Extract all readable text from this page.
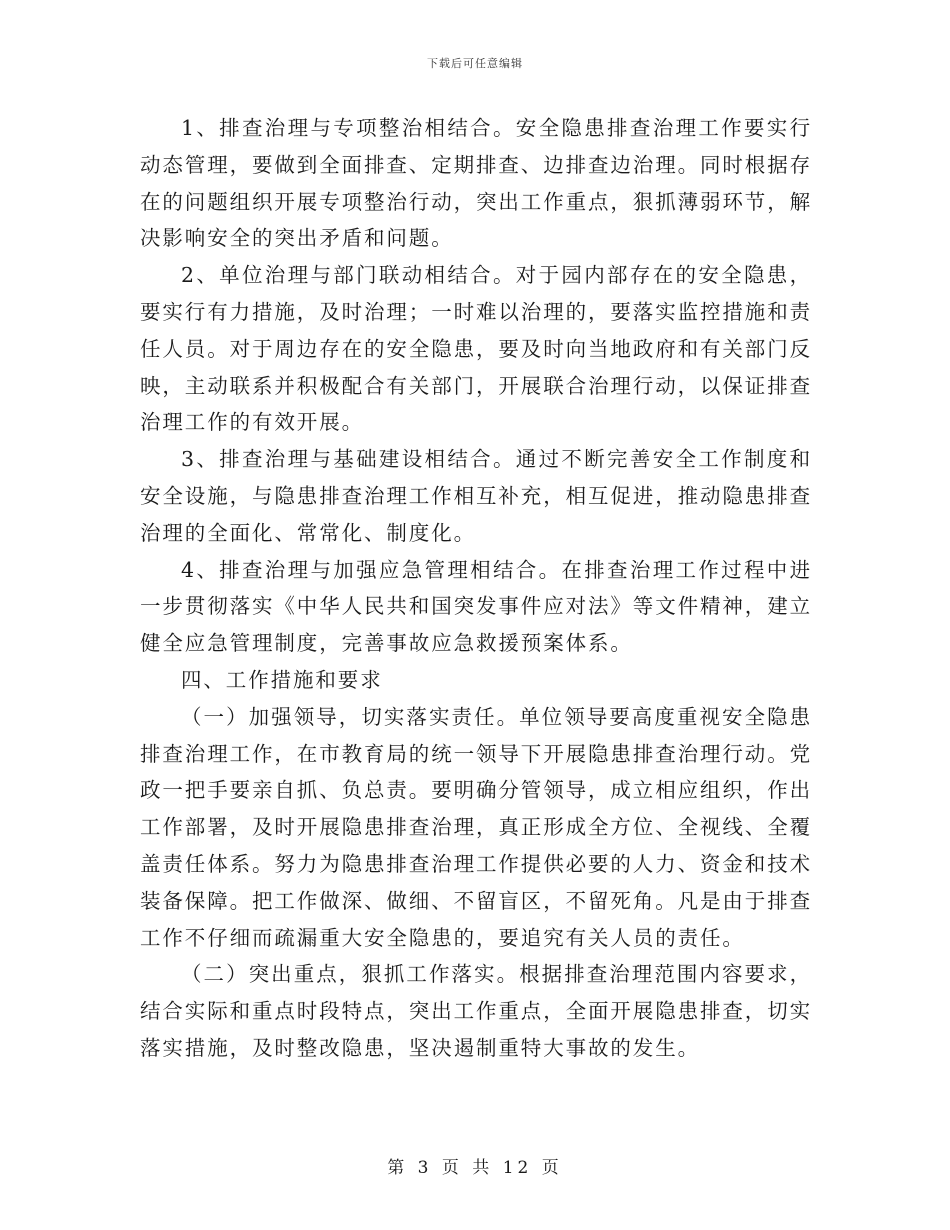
下载后可任意编辑

1、排查治理与专项整治相结合。安全隐患排查治理工作要实行动态管理，要做到全面排查、定期排查、边排查边治理。同时根据存在的问题组织开展专项整治行动，突出工作重点，狠抓薄弱环节，解决影响安全的突出矛盾和问题。

2、单位治理与部门联动相结合。对于园内部存在的安全隐患，要实行有力措施，及时治理；一时难以治理的，要落实监控措施和责任人员。对于周边存在的安全隐患，要及时向当地政府和有关部门反映，主动联系并积极配合有关部门，开展联合治理行动，以保证排查治理工作的有效开展。

3、排查治理与基础建设相结合。通过不断完善安全工作制度和安全设施，与隐患排查治理工作相互补充，相互促进，推动隐患排查治理的全面化、常常化、制度化。

4、排查治理与加强应急管理相结合。在排查治理工作过程中进一步贯彻落实《中华人民共和国突发事件应对法》等文件精神，建立健全应急管理制度，完善事故应急救援预案体系。

四、工作措施和要求

（一）加强领导，切实落实责任。单位领导要高度重视安全隐患排查治理工作，在市教育局的统一领导下开展隐患排查治理行动。党政一把手要亲自抓、负总责。要明确分管领导，成立相应组织，作出工作部署，及时开展隐患排查治理，真正形成全方位、全视线、全覆盖责任体系。努力为隐患排查治理工作提供必要的人力、资金和技术装备保障。把工作做深、做细、不留盲区，不留死角。凡是由于排查工作不仔细而疏漏重大安全隐患的，要追究有关人员的责任。

（二）突出重点，狠抓工作落实。根据排查治理范围内容要求，结合实际和重点时段特点，突出工作重点，全面开展隐患排查，切实落实措施，及时整改隐患，坚决遏制重特大事故的发生。

第 3 页 共 12 页
